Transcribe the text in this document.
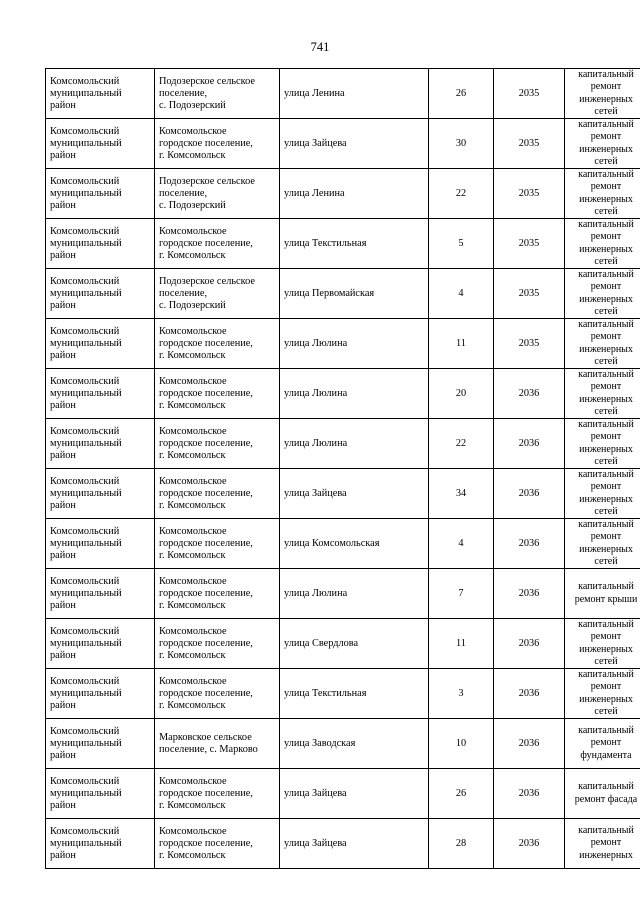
741
Комсомольский
муниципальный
район	Подозерское сельское
поселение,
с. Подозерский	улица Ленина	26	2035	капитальный
ремонт
инженерных
сетей

Комсомольский
муниципальный
район	Комсомольское
городское поселение,
г. Комсомольск	улица Зайцева	30	2035	капитальный
ремонт
инженерных
сетей

Комсомольский
муниципальный
район	Подозерское сельское
поселение,
с. Подозерский	улица Ленина	22	2035	капитальный
ремонт
инженерных
сетей

Комсомольский
муниципальный
район	Комсомольское
городское поселение,
г. Комсомольск	улица Текстильная	5	2035	капитальный
ремонт
инженерных
сетей

Комсомольский
муниципальный
район	Подозерское сельское
поселение,
с. Подозерский	улица Первомайская	4	2035	капитальный
ремонт
инженерных
сетей

Комсомольский
муниципальный
район	Комсомольское
городское поселение,
г. Комсомольск	улица Люлина	11	2035	капитальный
ремонт
инженерных
сетей

Комсомольский
муниципальный
район	Комсомольское
городское поселение,
г. Комсомольск	улица Люлина	20	2036	капитальный
ремонт
инженерных
сетей

Комсомольский
муниципальный
район	Комсомольское
городское поселение,
г. Комсомольск	улица Люлина	22	2036	капитальный
ремонт
инженерных
сетей

Комсомольский
муниципальный
район	Комсомольское
городское поселение,
г. Комсомольск	улица Зайцева	34	2036	капитальный
ремонт
инженерных
сетей

Комсомольский
муниципальный
район	Комсомольское
городское поселение,
г. Комсомольск	улица Комсомольская	4	2036	капитальный
ремонт
инженерных
сетей

Комсомольский
муниципальный
район	Комсомольское
городское поселение,
г. Комсомольск	улица Люлина	7	2036	капитальный
ремонт крыши

Комсомольский
муниципальный
район	Комсомольское
городское поселение,
г. Комсомольск	улица Свердлова	11	2036	капитальный
ремонт
инженерных
сетей

Комсомольский
муниципальный
район	Комсомольское
городское поселение,
г. Комсомольск	улица Текстильная	3	2036	капитальный
ремонт
инженерных
сетей

Комсомольский
муниципальный
район	Марковское сельское
поселение, с. Марково	улица Заводская	10	2036	капитальный
ремонт
фундамента

Комсомольский
муниципальный
район	Комсомольское
городское поселение,
г. Комсомольск	улица Зайцева	26	2036	капитальный
ремонт фасада

Комсомольский
муниципальный
район	Комсомольское
городское поселение,
г. Комсомольск	улица Зайцева	28	2036	капитальный
ремонт
инженерных
